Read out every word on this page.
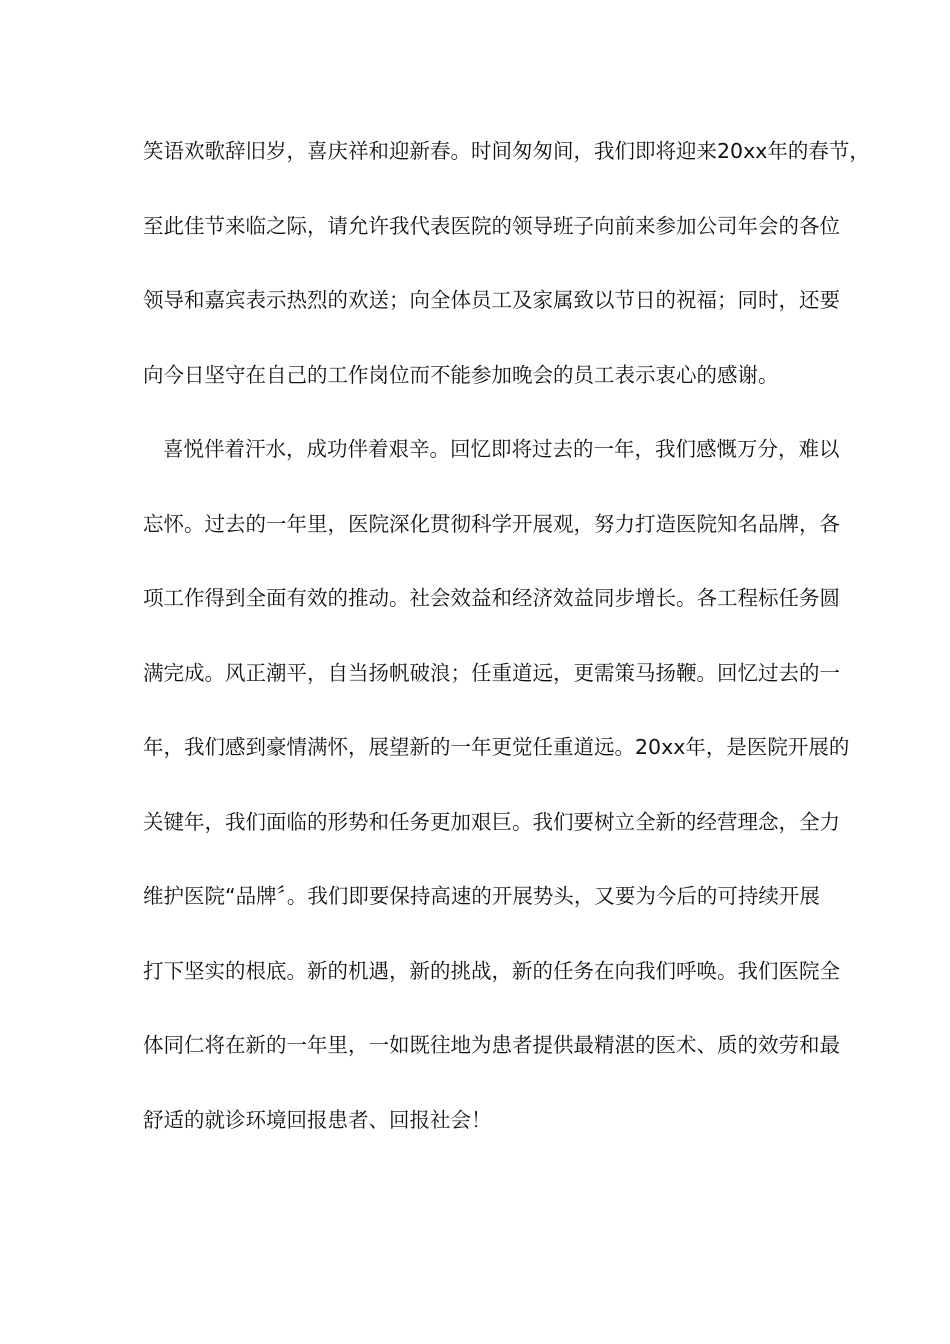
笑语欢歌辞旧岁，喜庆祥和迎新春。时间匆匆间，我们即将迎来20xx年的春节，
至此佳节来临之际，请允许我代表医院的领导班子向前来参加公司年会的各位
领导和嘉宾表示热烈的欢送；向全体员工及家属致以节日的祝福；同时，还要
向今日坚守在自己的工作岗位而不能参加晚会的员工表示衷心的感谢。
喜悦伴着汗水，成功伴着艰辛。回忆即将过去的一年，我们感慨万分，难以
忘怀。过去的一年里，医院深化贯彻科学开展观，努力打造医院知名品牌，各
项工作得到全面有效的推动。社会效益和经济效益同步增长。各工程标任务圆
满完成。风正潮平，自当扬帆破浪；任重道远，更需策马扬鞭。回忆过去的一
年，我们感到豪情满怀，展望新的一年更觉任重道远。20xx年，是医院开展的
关键年，我们面临的形势和任务更加艰巨。我们要树立全新的经营理念，全力
维护医院“品牌〞。我们即要保持高速的开展势头，又要为今后的可持续开展
打下坚实的根底。新的机遇，新的挑战，新的任务在向我们呼唤。我们医院全
体同仁将在新的一年里，一如既往地为患者提供最精湛的医术、质的效劳和最
舒适的就诊环境回报患者、回报社会！
